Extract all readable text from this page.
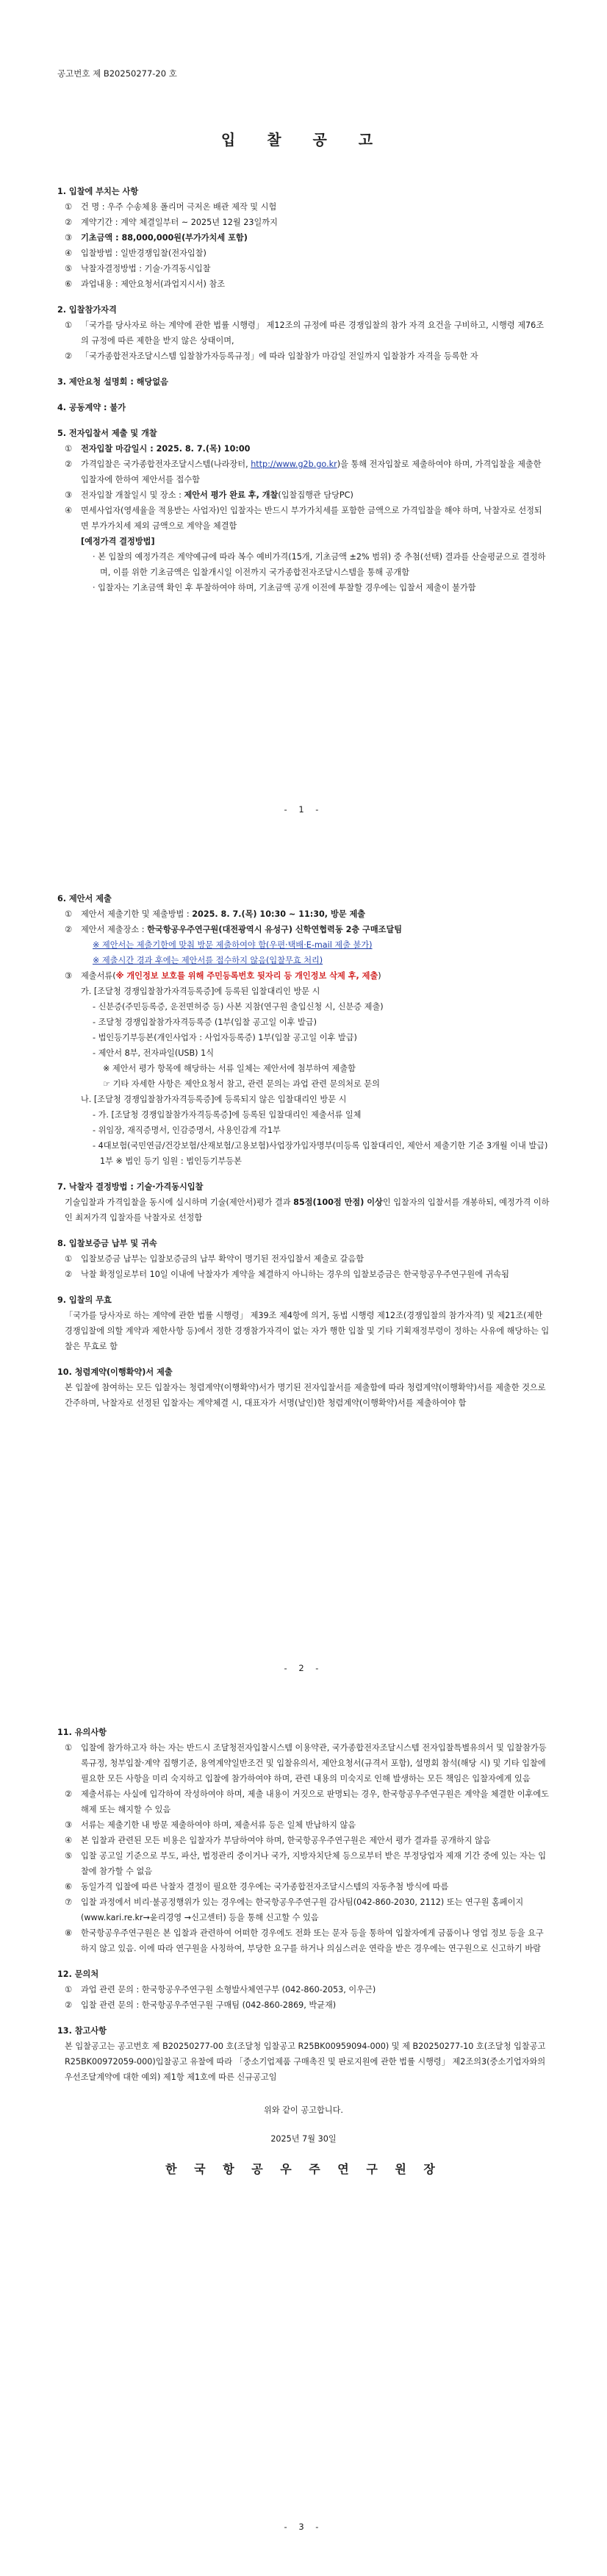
공고번호 제 B20250277-20 호
입 찰 공 고
1. 입찰에 부치는 사항
① 건 명 : 우주 수송체용 폴리머 극저온 배관 제작 및 시험
② 계약기간 : 계약 체결일부터 ~ 2025년 12월 23일까지
③ 기초금액 : 88,000,000원(부가가치세 포함)
④ 입찰방법 : 일반경쟁입찰(전자입찰)
⑤ 낙찰자결정방법 : 기술·가격동시입찰
⑥ 과업내용 : 제안요청서(과업지시서) 참조
2. 입찰참가자격
① 「국가를 당사자로 하는 계약에 관한 법률 시행령」 제12조의 규정에 따른 경쟁입찰의 참가 자격 요건을 구비하고, 시행령 제76조의 규정에 따른 제한을 받지 않은 상태이며,
② 「국가종합전자조달시스템 입찰참가자등록규정」에 따라 입찰참가 마감일 전일까지 입찰참가 자격을 등록한 자
3. 제안요청 설명회 : 해당없음
4. 공동계약 : 불가
5. 전자입찰서 제출 및 개찰
① 전자입찰 마감일시 : 2025. 8. 7.(목) 10:00
② 가격입찰은 국가종합전자조달시스템(나라장터, http://www.g2b.go.kr)을 통해 전자입찰로 제출하여야 하며, 가격입찰을 제출한 입찰자에 한하여 제안서를 접수함
③ 전자입찰 개찰일시 및 장소 : 제안서 평가 완료 후, 개찰(입찰집행관 담당PC)
④ 면세사업자(영세율을 적용받는 사업자)인 입찰자는 반드시 부가가치세를 포함한 금액으로 가격입찰을 해야 하며, 낙찰자로 선정되면 부가가치세 제외 금액으로 계약을 체결함
[예정가격 결정방법]
· 본 입찰의 예정가격은 계약예규에 따라 복수 예비가격(15개, 기초금액 ±2% 범위) 중 추첨(선택) 결과를 산술평균으로 결정하며, 이를 위한 기초금액은 입찰개시일 이전까지 국가종합전자조달시스템을 통해 공개함
· 입찰자는 기초금액 확인 후 투찰하여야 하며, 기초금액 공개 이전에 투찰할 경우에는 입찰서 제출이 불가함
- 1 -
6. 제안서 제출
① 제안서 제출기한 및 제출방법 : 2025. 8. 7.(목) 10:30 ~ 11:30, 방문 제출
② 제안서 제출장소 : 한국항공우주연구원(대전광역시 유성구) 신학연협력동 2층 구매조달팀
※ 제안서는 제출기한에 맞춰 방문 제출하여야 함(우편·택배·E-mail 제출 불가)
※ 제출시간 경과 후에는 제안서를 접수하지 않음(입찰무효 처리)
③ 제출서류(※ 개인정보 보호를 위해 주민등록번호 뒷자리 등 개인정보 삭제 후, 제출)
가. [조달청 경쟁입찰참가자격등록증]에 등록된 입찰대리인 방문 시
- 신분증(주민등록증, 운전면허증 등) 사본 지참(연구원 출입신청 시, 신분증 제출)
- 조달청 경쟁입찰참가자격등록증 (1부(입찰 공고일 이후 발급)
- 법인등기부등본(개인사업자 : 사업자등록증) 1부(입찰 공고일 이후 발급)
- 제안서 8부, 전자파일(USB) 1식
※ 제안서 평가 항목에 해당하는 서류 일체는 제안서에 첨부하여 제출함
☞ 기타 자세한 사항은 제안요청서 참고, 관련 문의는 과업 관련 문의처로 문의
나. [조달청 경쟁입찰참가자격등록증]에 등록되지 않은 입찰대리인 방문 시
- 가. [조달청 경쟁입찰참가자격등록증]에 등록된 입찰대리인 제출서류 일체
- 위임장, 재직증명서, 인감증명서, 사용인감계 각1부
- 4대보험(국민연금/건강보험/산재보험/고용보험)사업장가입자명부(미등록 입찰대리인, 제안서 제출기한 기준 3개월 이내 발급) 1부 ※ 법인 등기 임원 : 법인등기부등본
7. 낙찰자 결정방법 : 기술·가격동시입찰
기술입찰과 가격입찰을 동시에 실시하며 기술(제안서)평가 결과 85점(100점 만점) 이상인 입찰자의 입찰서를 개봉하되, 예정가격 이하인 최저가격 입찰자를 낙찰자로 선정함
8. 입찰보증금 납부 및 귀속
① 입찰보증금 납부는 입찰보증금의 납부 확약이 명기된 전자입찰서 제출로 갈음함
② 낙찰 확정일로부터 10일 이내에 낙찰자가 계약을 체결하지 아니하는 경우의 입찰보증금은 한국항공우주연구원에 귀속됨
9. 입찰의 무효
「국가를 당사자로 하는 계약에 관한 법률 시행령」 제39조 제4항에 의거, 동법 시행령 제12조(경쟁입찰의 참가자격) 및 제21조(제한경쟁입찰에 의할 계약과 제한사항 등)에서 정한 경쟁참가자격이 없는 자가 행한 입찰 및 기타 기획재정부령이 정하는 사유에 해당하는 입찰은 무효로 함
10. 청렴계약(이행확약)서 제출
본 입찰에 참여하는 모든 입찰자는 청렴계약(이행확약)서가 명기된 전자입찰서를 제출함에 따라 청렴계약(이행확약)서를 제출한 것으로 간주하며, 낙찰자로 선정된 입찰자는 계약체결 시, 대표자가 서명(날인)한 청렴계약(이행확약)서를 제출하여야 함
- 2 -
11. 유의사항
① 입찰에 참가하고자 하는 자는 반드시 조달청전자입찰시스템 이용약관, 국가종합전자조달시스템 전자입찰특별유의서 및 입찰참가등록규정, 청부입찰·계약 집행기준, 용역계약일반조건 및 입찰유의서, 제안요청서(규격서 포함), 설명회 참석(해당 시) 및 기타 입찰에 필요한 모든 사항을 미리 숙지하고 입찰에 참가하여야 하며, 관련 내용의 미숙지로 인해 발생하는 모든 책임은 입찰자에게 있음
② 제출서류는 사실에 입각하여 작성하여야 하며, 제출 내용이 거짓으로 판명되는 경우, 한국항공우주연구원은 계약을 체결한 이후에도 해제 또는 해지할 수 있음
③ 서류는 제출기한 내 방문 제출하여야 하며, 제출서류 등은 일체 반납하지 않음
④ 본 입찰과 관련된 모든 비용은 입찰자가 부담하여야 하며, 한국항공우주연구원은 제안서 평가 결과를 공개하지 않음
⑤ 입찰 공고일 기준으로 부도, 파산, 법정관리 중이거나 국가, 지방자치단체 등으로부터 받은 부정당업자 제재 기간 중에 있는 자는 입찰에 참가할 수 없음
⑥ 동일가격 입찰에 따른 낙찰자 결정이 필요한 경우에는 국가종합전자조달시스템의 자동추첨 방식에 따름
⑦ 입찰 과정에서 비리·불공정행위가 있는 경우에는 한국항공우주연구원 감사팀(042-860-2030, 2112) 또는 연구원 홈페이지(www.kari.re.kr→윤리경영 →신고센터) 등을 통해 신고할 수 있음
⑧ 한국항공우주연구원은 본 입찰과 관련하여 어떠한 경우에도 전화 또는 문자 등을 통하여 입찰자에게 금품이나 영업 정보 등을 요구하지 않고 있음. 이에 따라 연구원을 사칭하여, 부당한 요구를 하거나 의심스러운 연락을 받은 경우에는 연구원으로 신고하기 바람
12. 문의처
① 과업 관련 문의 : 한국항공우주연구원 소형발사체연구부 (042-860-2053, 이우근)
② 입찰 관련 문의 : 한국항공우주연구원 구매팀 (042-860-2869, 박균재)
13. 참고사항
본 입찰공고는 공고번호 제 B20250277-00 호(조달청 입찰공고 R25BK00959094-000) 및 제 B20250277-10 호(조달청 입찰공고 R25BK00972059-000)입찰공고 유찰에 따라 「중소기업제품 구매촉진 및 판로지원에 관한 법률 시행령」 제2조의3(중소기업자와의 우선조달계약에 대한 예외) 제1항 제1호에 따른 신규공고임
위와 같이 공고합니다.
2025년 7월 30일
한 국 항 공 우 주 연 구 원 장
- 3 -
